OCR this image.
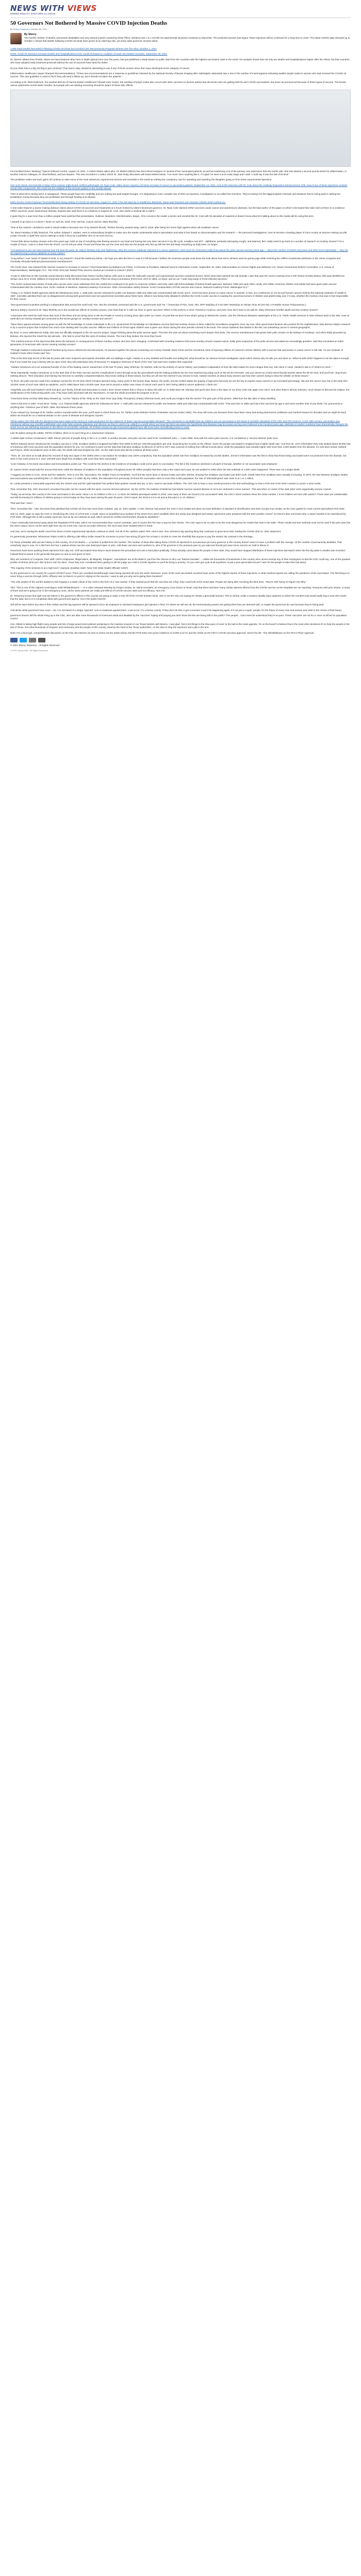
NEWS WITH VIEWS
WHERE REALITY SHATTERS ILLUSION
50 Governors Not Bothered by Massive COVID Injection Deaths
By Sherry Tenpenny | October 4th, 2021
By Sherry

The horrific number of deaths, permanent disabilities and very serious injuries caused by those Pfizer, Moderna and J & J COVID-19 experimental injections continues to skyrocket. The predicted tsunami has begun: these injections will be continued for a long time to come. The latest VAERS data released up to October 1 shows that deaths following COVID-19 shots have grown at an alarming rate, yet every state governor remains silent.

1,068 Fetal Deaths Recorded Following COVID-19 Shots but Criminal CDC Recommends Pregnant Women Get The Shot, October 1, 2021

Israel: Covid-19 Vaccines Increase Deaths and Hospitalizations from Covid-19 Based on Analysis of Israel Vaccinated Countries, September 30, 2021

Dr. Steven Ullatns from Florida, where we have featured other here in depth (about) here over the years, has just published a study based on public data from the countries with the highest vaccination rates in the world. His analysis shows that not only are deaths and hospitalizations higher after the rollout, but that countries who have adopted early treatment protocols without the use of vaccines have fared far better.

Do you think this is a big red flag to just continue? That was in May. Would be interesting to see if any of those women since then have developed some category of cancer.

Inflammation Healthcare Lawyer Sharpest Recommendations: "These new recommendations are a response to guidelines released by the National Society of Breast Imaging after radiologists nationwide saw a rise in the number of mammograms indicating swollen lymph nodes in women who had received the COVID-19 vaccine. This new guideline is used to find if they will need a follow-up, but it should not alarm the patients."

According to Dr. Brett Robinson, the medical director of Harmonization Healthcare's Breast Care Center, the swelling of lymph nodes also occurs with other vaccines so doctors advise that all women who are getting both flu and COVID vaccinations, but never as pronounced because of these types of vaccine. The breast cancer awareness month starts October, but people who are starting screening should be aware of these side effects.

Forced Blind Driver "Banking" Typical of Blood Control, August 12, 2021. A United States airline pilot, Dr. Bethel (Shiloh) has done blood analyses on several of her vaccinated patients, as well as examining a lot of the primary care physicians that she works with. She has started a second journal series for inflammation, in another noticed colleague, Dr. Brad Belland, and two lawyers. This was recorded in a video, which Dr. Jane Ruby discusses with Dana Mettes below. "I've never seen anything like it. I'm glad I've seen it at an early stage and I wish I could say it was the last of its kind."

The prostitute males and each gains all continue to raise some of the most advanced, experienced doctors and scientists in the world as nothing but conspiracy nuts for speaking and reporting the slaughter going on from these experimental injections.

One such doctor and scientist is Mayo Clinic trained, triple-board certified pathologist, Dr. Ryan Cole. Idaho doctor reports a 20 times increase of cancer in vaccinated patients, September 13, 2021. And in this interview with Dr. Cole about the Antibody Dependent Enhancement, ADE. Now if one of these injections contains actual ADE components, this could see the collapse of the immune system in the months ahead.

THIS is what we're seeing and it is outrageous. These people have NO credibility and are nothing but paid puppet stooges. It is disgusting to even consider any of them as reporters, investigators or so-called fact checkers. They're lackeys for the biggest global criminals and whatever they're being paid is nothing but prostitution money because they are prostitutes and through funding is an illusion.

Idaho Doctor Cross-Purposes Thermal Blockers Doing Safety of COVID-19 Vaccines, August 27, 2021 (The old stand by in headlines): Baseless. Same was Flaunted over Houston Olivari's brief conference.

A viral video features a doctor making dubious claims about COVID-19 vaccines and treatments at a forum hosted by Idaho's lieutenant governor. Dr. Ryan Cole claimed mRNA vaccines cause cancer and autoimmune diseases, but the lead author of the paper on which Cole based that claim told us there is no evidence mRNA vaccines cause autoimmune disease. Experts also said there is no evidence to support Dr. Cole, who works a medical lab in Idaho."

It goes they're a saw more than a million people have watched that presentation. Dubious. Baseless. Disinformation. Bogus. All to convince the reader a doctor and scientist like Dr. Cole with his decades of experience doesn't know what he's talking about so the media will be using this term.

I wanted to go back to a column I wrote on April 26, 2019, Pete Varchot, Cancer and Dr. Mary Mochley.

"One of the reasons I decided to work in Saudi Arabia is because one of my dearest friends, Thelma Teemiry, passed away, April 8, 2018, after being her horror fight against what call constitute cancer.

"Dr. Mary's Monkey is fully historical. The author, Edward T. Haslam, went to extraordinary lengths to make sure the reader understands what is speculation and what is fact based on documentation and his research — the personal investigations, how he became a leading player in front country as anyone missing up with curtain records, a spell here and an attempt to write a story by a publisher who is not even live too.

"I knew little about monkey viruses until a few years ago, both on top of everything else flowing around in my head and having lost very dear vaccines in my life cycle, smallpox and SPT - diphtheria, pertussis (whooping cough), and tetanus), did I really need to go back to a number of research on monkey viruses? For a couple of hours, I was in a daze from the shock. Let me tell you what I found and those few are the ones and why are the people who fed up with the lies and keep everything up daily lives, no longer.

"As hardened is you can have learned over the past 28 years, Dr. Mary's Monkey truly was frightening. Why did America suddenly experience a cancer epidemic? How much do Americans really know about the polio vaccine seventy years ago — about the number of deaths and years and what more importantly — why are we experiencing a cancer epidemic in every cluster?

"Long before I ever heard of Haslam's book, in my research I found the testimony below. I do hope you take the time to read it in full because I believe the American people must know the truth about how we've all been used as guinea pigs while enriching the coffers of particular politicians in the Johns Congress and criminally, ethically bankrupt pharmaceutical manufacturers.

The SV40 Virus: Has Tainted Polio Vaccine Caused An Increase in Cancer? Oral Presentation by Barbara Lee Fisher, Co-founder & President, National Vaccine Information Center, September 10, 2003, Subcommittee on Human Rights and Wellness U.S. House Government Reform Committee, U.S. House of Representatives, Washington, D.C. The SV40 Virus has Tainted Polio Vaccine Caused an Increase in Cancer? (PDF)

"It was in 1960 that an NIH scientist named Bernice Eddy discovered that rhesus monkey kidney cells used to make the Salk polio vaccine and experimental vaccines contained viruses, which were later injected into lab animals. Later that year the cancer-causing virus in the rhesus monkey kidney cells was identified as Simian virus 40 or SV40. Millions of Americans were in the 60-80s receiving vaccines. Pfizer etc Drug Commission (FDA) from 1972 to 1963, no fewer, and as our 7-year long study of SV40 infected vaccines."

"The SV40 contaminated strains of Salk polio vaccine were never withdrawn from the market but continued to be given to American children until early 1963 with full knowledge of federal health agencies. Between 1955 and early 1963, nearly 100 million American children and adults had been given polio vaccine contaminated with the monkey virus, SV40. Institute of Medicine, National Academy of Sciences. 2002. Immunization Safety Review: SV40 Contamination of Polio Vaccine and Cancer, National Academy Press: Washington D.C."

"Today, U.S. federal health agencies admit the following two facts: 1. Salk polio vaccine released for public use between 1955 and 1963 was contaminated with SV40; and 2. SV40 has been proven to cause cancer in animals. In fact, at a conference on SV-40 and human cancers held by the National Institutes of Health in 1997, scientists admitted there are no disagreement among both government and non-government scientists about these facts. What is now being hotly debated is whether the SV40 in polio vaccine is causing the cancerous tumors of children and adults today and, if it was, whether the monkey virus was in fact responsible for their cancer.

"Non-government scientists working in independent labs around the world said 'Yes.' But the scientists connected with the U.S. government said 'No.'" (Transcript of FDA, DHS, NIH, NIPT Building of 3-18-1997 Workshop on Simian Virus 40 (SV-40): A Possible Human Polyomavirus.)

"Bernice Eddy's covered in Dr. Mary Moshley as in the murderous effects of monkey viruses. How does that tie in with our lives on gene vaccines? When in this world is a crime. Parents in America, and even once did it have to do with Dr. Mary Shermans horrible death and two monkey viruses?

"Americans who seek the truth know that most of the times and are being done to We the People in America is being done right under our noses. It's just that we don't know what's going on behind the curtain. Like the infectious diseases catastrophe at the U.S. Public Health Services in New Orleans back in the '60s. How on earth did Lee Harvey Oswald get connected to the secret goings on, monkey viruses and cancer?

"Were there agreed answers among given us with the full knowledge of certain individuals in the U.S. government for knowledge on intimidation vaccine that had monkey viruses in them called the Surveillance programs. Ever. By now, other government factions who pushed for the sophisticated. Why Bernice Eddy's research in by a vaccine project that morphed into much more dealing with not polio vaccine. Millions and millions of school aged children was a given one choice during the time periods covered in the book. The cancer epidemic that started in the 60s, but unleashing cancer in various geographic.

By 2011: In June 1999 Bernice Eddy, who was not officially assigned to the Alu vaccine project, began thinking about the polio vaccine again. This time she was not about something much deeper than polio. The vaccine manufacturers had grown their polio viruses on the kidneys of monkeys. And when Eddy grounded up kidneys, she injected the result into lab animals... She had no proof that the eyes of monkey viruses. The more they looked, the more they found.

"The medical science of the day knew little about the behavior or consequences of these monkey viruses. But time were changing. Confronted with mounting evidence that some monkey viruses caused cancer, Eddy grew suspicious of the polio vaccine and asked an exceedingly question: Had they inoculated an entire generation of Americans with cancer-causing monkey viruses?

"Through Haslam's meticulous research backed up by source references and documents, he weaves together the pieces connecting Lee Harvey Oswald, Dave Ferrie and the monstrous crime of injecting millions of America's school children with a vaccine that was known to cause cancer in lab rats. As one reviewer of Haslam's book online hooks said 'Yes.'

"This is the best kept secret of the last 60 years with more suspects and surprise shocklets with not stallings in sight. Haslam is a very detailed and humble soul telling the 'what should be' an obvious formal investigation report which shares why he tells you and does no. What he tells which happens to be the data is enough that if one reads the exact entirety with an open mind, they will understand why All Nouveau TV Magazine Nominee of 'Book of the Year' has had more readers than expected."

"Haslam introduces us to an unnamed founder of one of the leading cancer researchers of the last 70 years. Mary Sherman, for starters, tells me the entirety of cancer history, and Haslam's explanation of how she died makes for more intrigue than any 'who done it' novel. Haslam's tale is of 'what's to come'."

"Most importantly, Haslam introduces us to the dark side of the Polio Vaccine and the complications it went through to lay the groundwork and the lasting problems we are now experiencing today such as the 50-40 HIV/AIDS. Ask your doctor as a lead school faculty teacher about the 50-40 virus, and you'll see. Stop know nothing about it. Their education and training has become so carefully compartmentalized, they know nothing of these issues, but they are all over the Internet if you choose to look. Haslam teaches us about many doctors and how their careers trying to blow the whistle on these issues."

"In short, the polio vaccine made from monkeys carried the SV-40 virus which remains dormant many, many years in the human body. Nature, the world, and the United States are paying a huge price because we are the key to expose many cancers in an increased percentage. We see the cancer now, but in the early 50's 1/6,000 cases of such was called an epidemic, and in 1990 tissue had a 20,000 case. Now we've around a million new cases of cancer each year in 1837 being called a cancer epidemic? I think not."

"Hopefully, you will read Haslam's work and give your family, friends and associates to read it. Born shown makes that a chance to share this with us, in 2009 when Mr. Monday had quick time done a few days on my show. (He) was again ever since, and when they're almost unknown, much slower to discuss the subject, the ramifications of the forthcoming public cost. They have both ascended with the Tanzanian's. Or was the whole promoted the program to do so.

"Americans know not that 1959 Mary showed up, "not the "Nature of the "Rely on the 'Dark Time' pop (Toby Thompson) of Mary Sherman book, and could you imagine that the secret? The grim part of this picture, 1959 from the late dark of 'Mary Moshley.

"Here's that time in 1957. Front show. 'Today - U.S. federal health agencies admit the following two facts: 1. Salk polio vaccine released for public use between 1955 and 1963 was contaminated with SV40.' That was born in 1965 and had a few vaccines by age 5 and never another shot of any kinds. Flu, pneumonia or anything else. Thelma's year of birth: 1955. Not between those years.

"If you missed my coverage of Dr. Stefan Lanka's scandal earlier this year, you'll want to check those out. 'Dr. Stefan Lanka Rebutts Further of Measles Vaccine (Video 1992). The story will scare you because there have been many bad-acting pharmacies, politicians and medical hoaxes for decades and we might be back where we should be on a national debate on the cause of disease and iatrogenic injuries.'

"What makes sure that with the injections that were made at the factory in mass production for the existence of these 'vaccine preventable diseases': The conclusion is inevitable that our children are not vaccinated on the basis of scientific standards of the CDC and FDA science. In the 19th century, vaccination was introduced without any scientific justification and under false pretexts (diseases and infection as they're used to be called) in a world where we know the facts now about the hypothesis that diseases may be viruses as they were believed to be hundred years ago. Methods of modern medicine have dramatically changed the world, but we are still being imposed on the effects of unscientific methods. All of these viruses we get immunized against have still never been scientifically proven to exist.

Like 30 spikes during the 1950s. Tell the Children, there is no such thing as a natural born sickness.

A 1960s-style census conducted in 1990. Eleven percent of people living in the U.S. in 1900, in another decade, and polio vaccine used to be 'considered' polio — it was 1955. Now with the same polio vaccine, it is 'considered' a 'vaccine derived' polio virus.

"Before Edward Jenner introduced the smallpox vaccine in 1796, smallpox deaths in England had fallen from 3000 to 200 per 100,000 population per year. Examining the records on the effects, 'some the people vaccinated in England had a higher death rate.' And from Dr. Jen's information they only studied about 30,000 rate of small pox with most vaccines and the population decline for you. He continues to point out the data that indicates smallpox incidences of 1875 to 1877 was a period of nothing from official records alone, while the population was actually higher with more than 4,000 deaths from the disease. It's now been shown Holland and France, while vaccinations were at 30% rate, the death rate had dropped by 42%. So the rates show why did we continue all these years.

"Then, Dr. Jen went on to talk about the records of Italy and Japan in the 1880s when a vaccination for smallpox was 100% compulsory, that the population death rate from smallpox increased by 22,000 deaths. Jenner's information was the first to show that those being vaccinated were not protected from the disease, but were in fact more prone to it. Over 100,000 were dead from smallpox with more than 60% vaccinated."

"Leon Chaitow, in his book Vaccination and Immunisation points out: 'The credit for the decline in the incidence of smallpox could not be given to vaccination. The fall in the incidence declined in all parts of Europe, whether or not vaccination was employed.'

Dr. James Ferrier would add the amount that since 1890 the disease of smallpox in the population of England (some 60 million people) had been only a few cases each year. Its use peaked in 1900 when the last outbreak of 1,000 cases happened. There was not a single death.

"I suggest you listen in to Dr. Jones and her statistics. Here is one link. Vaccination: the Hidden Facts (a Pamphlet). You'll find the same facts in various books and other articles, showing the smallpox vaccination just didn't work. Death rates from smallpox were actually increasing. In 1870, the rate between smallpox deaths and vaccinations was something like 1 in 300,000 that was 1 to 1850. By the 1980s, the estimates from previously 20 times the vaccination rates in more than 5,000 population, the rate of 'infected/injured' was close to at 1 in 1 million.

Dr. Lanka presents a reasonable argument why the ANOVA test and the 'gold standard' has yielded false-positive results that are, in turn, used to vaccinate children. The CDC has to have a very careful process in the test methodology so that a PCR test is the ONLY answer to 'prove' a virus exists.

That, remember this: CDC document concedes that polio can be caused with the same 'vaccine derived poliovirus'. By the 1970s, the Institute of Medicine had stated 'vaccine caused disease is not to be confused in some manner'. This was when 14 cases of the said 'polio' were supposedly vaccine caused.

"Today, as we know, this country is the most vaccinated in the world. About 1 in 44 children in the U.S. or some 30 children developed autism in 2018. How many of them are bound to be vaccinated? Well, the CDC's 2019 numbers show the entire number 1 in 54 children are born with autism? Those rates are unbelievable and still increasing for millions of children going to school today as they have been during the past 30 years. CDC's report, the 2019 is 2.5 in 54 and at this point 1 in 44 children."

That was then. Now?

Then, remember this - CDC document that admitted that COVID-19 virus has never been isolated: July 13, 2021 Update. A CDC Director had posted 'the CDC's virus isolate test does not meet definition of standard of identification and does not give true results, as the CDC guides for most current specialized PCR tests.'

July 13, 2020, page 41 says the CDC is 'introducing the virus of a PCR test. It reads 'Since no quantified virus isolates of the 2019-nCoV were available when the assay was designed and tested, specimens were prepared with the DNA positive control'. So that it's also not known why, a report needed to be reproduced by PCR tests. Although this is still a widely used test, and as far as it detects as well, which cannot be verified and therefore should be abolished."

I have continually hammered away about the fraudulent PCR tests, which I've recommended that I cannot overstate, and of course the FDA has a way too few checks. The CDC says to be on alert to be the most dangerous for results that 'lack in the trials'. These results and test methods must not be used if the prior year has the same output, but to not be used right here any as a test now. Just an accurate reference, the virus was never isolated which is fraud.

And now, we're seeing the death count from those COVID experimental injections continue to climb. Get all of the 'useless eaters' first. Here's Sen. Ron Johnson's big opening thing that continues to grow since their Getting the COVID shot 21, 2021 statement.

It's generously presented. Whosoever Raise Amish is offering a $5 million dollar reward for someone to prove how wrong (I'll give him at least 1-10,000 to cover the shortfall) that anyone to pay the reward. By contrast in the shortage...

For those unfamiliar with vaccine history in this country, 20 of 25 deaths — a number is pulled from the number. The number of dead after taking these COVID-19 injections is unconscious yet every governor in the country doesn't seem to have a problem with the carnage. Of the number of permanently disabled. That everybody says is now, it's 1,000 here but how 1 patient whose vaccine was destroyed injure or prior. Add those vaccines and numbers to, who of his governor in the previous year so you said and should just wear some vaccine as 'sold to Bloom 3'.

Governors have been pushing these injections from day one. Self-vaccinated! Now they're stuck between the proverbial rock and a hard place politically. If they actually cared about the people in their state, they would have stopped distribution of these injections last March when the first big spike in deaths was recorded. Instead they've joined in the genocide that goes on and on and goes on here.

Why are members of Congress, their staff, USPS employees, illegal aliens, all allegedly 'refugees', 'exemptions' are at the Biden's 'you'll be fine' decree to all in our 'federal mandate' ... Unlike the thousands of businesses in the country who cannot exempt any of their employees so that the CDC could say, 'one of the greatest pranks of all time (and yes I like it) but it can't be done.' Have they ever considered them getting to tell the judge you 'sold a COVID injection or you'll be living in poverty.' Or you can't get a job at all anywhere' is just a pure genocidal excuse? Here for the people to take their last stand.

"The majority of the sickness is at a high level," exposed Jonathan Swift. 'New York State Health Officials' (1967)

So the governors in our country for a good COVID if never. There are countless breakthrough cases being reported all over the world. Moreover, some of the most vaccinated countries have some of the highest reports of these injections, in what medical experts are calling 'the pandemic of the vaccinated'. The first thing is to never bring a vaccine through 100% 'efficacy rate' so there's no point in relying on the vaccine. I want to ask you why we're giving them boosters?

"The only answer of the world's leaders to this tragedy is a wider rollout of the crisis in the form of a 'new variant'. If they wanted proof that the vaccines are a flop, they could look at the Israel data: People are dying after receiving the third dose. 'They're Still Trying To Figure Out Why."

This: 'This is one of the Highest Level Bayou Gold Whistleblowers' — In a video released Monday by Project Veritas, Dr. Maria Gonzales, an emergency room doctor in Texas, said that there had been many similar adverse effects from the COVID vaccine as the hospitals are not reporting. 'Everyone with prior issues, in many of them and we're going to be in the emergency room, all the same patients are really and effects of COVID vaccine rates and not efficacy.' Not a lie.

Dr. Tenpenny knows that right now the fakers in the governor's offices in this country are going to make a mint off of the COVID booster shots. She is not the only one saying it's clearly a genocidal tsunami. This is clearly, really a massive deadly injury epidemic to which the numbers that would sadly stop a soul who tracks that the data. But is it is completely dead with government agency 'not in the public interest'.

Toll will be seen before any time is then written and the big squeeze will be spread to force all employers to declared employees get injected or fired. It's where we will see all, the tremendously powers are getting their lives are deemed well, or maybe the governors do care because they're being paid.

And all the while governors have more - not. I've not heard of a single "injected" cure or treatment against them. Look at me, I'm a former county. If they don't do this or get a scenario it won't be happening again; It's not just a couple, people, it's the future of every man and woman and child or the choice of their future.

governors haven't left the whole thing up to the CDC, who are after more thousands of Americans dead and disabled by the 'vaccines' hoping and praying you don't know the lies are being told to the public? The people... Can't even be understood they're so poor. These 'vaccines' are not for a 'virus' at all but for population control.

Gov. Abbott is taking high flight many people and lots of large government policies pertaining to the massive invasion in our Texas borders with Mexico. I was glad: 'Not to let things to the slow pace of ones' to the last to the mass agenda, 'it's on the board' to believe that in the most other decisions it's to help the people in the last of Texas. Not what thousands of Hispanic and Americans and the people of this country, dead by the hand of the Texas 'authorities', on the slow to stop the injections and a jab in the arm.

Note: For a thorough, comprehensive discussion on the Flat, the Internet, be sure to check out the article below, Did the PCR tests ever prove existence of SARS-CoV-2? and the Article on the FDA's COVID vaccines approval: Here's the list - The Whistleblower on the FDA's Pfizer Approval.

© 2021 Sherry Tenpenny - All Rights Reserved

© 2021 Devvy Kidd - All Rights Reserved
